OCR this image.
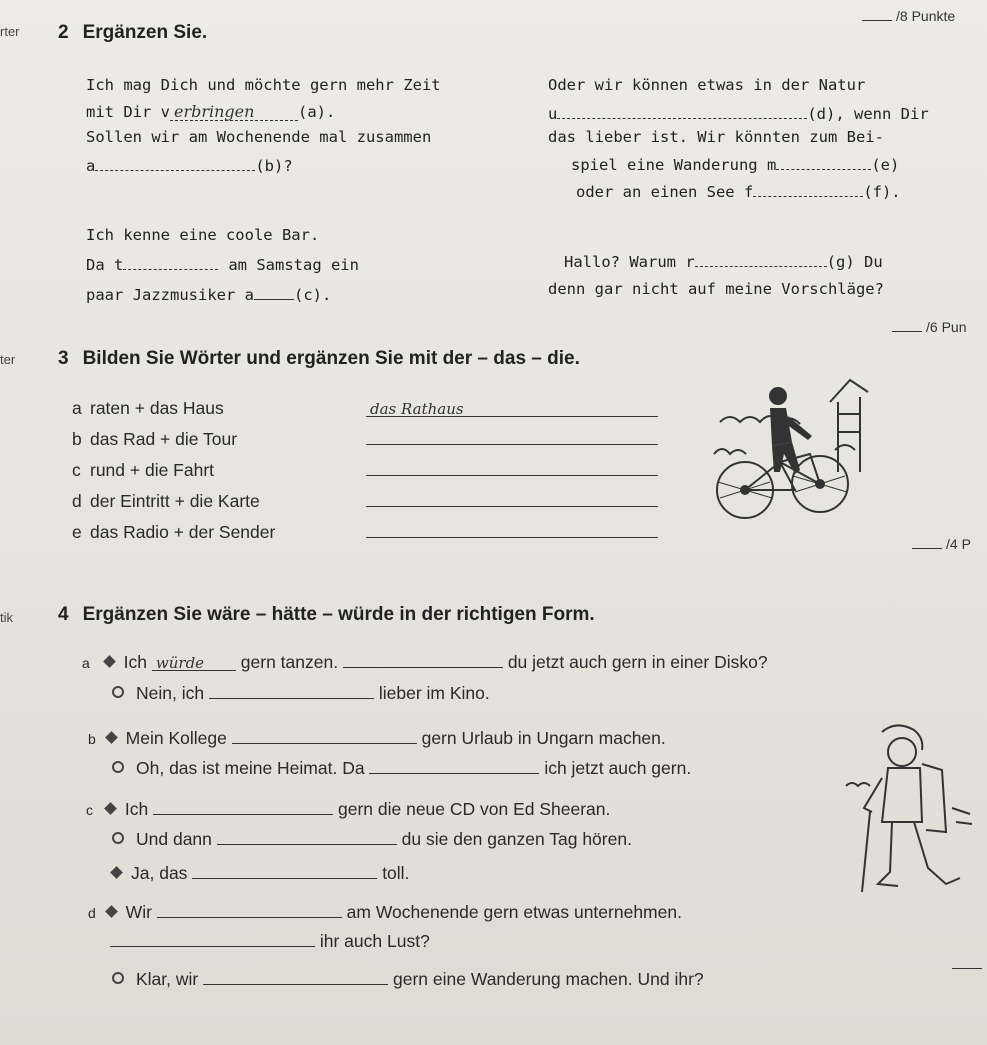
rter 2 Ergänzen Sie.
/8 Punkte
Ich mag Dich und möchte gern mehr Zeit
mit Dir v erbringen	(a).
Sollen wir am Wochenende mal zusammen
a	(b)?
Ich kenne eine coole Bar.
Da t	am Samstag ein
paar Jazzmusiker a	(c).
Oder wir können etwas in der Natur
u	(d), wenn Dir
das lieber ist. Wir könnten zum Bei-
spiel eine Wanderung m	(e)
oder an einen See f	(f).
Hallo? Warum r	(g) Du
denn gar nicht auf meine Vorschläge?
/6 Pun
ter 3 Bilden Sie Wörter und ergänzen Sie mit der – das – die.
a raten + das Haus	das Rathaus
b das Rad + die Tour
c rund + die Fahrt
d der Eintritt + die Karte
e das Radio + der Sender
/4 P
tik 4 Ergänzen Sie wäre – hätte – würde in der richtigen Form.
a Ich würde gern tanzen.	du jetzt auch gern in einer Disko?
Nein, ich	lieber im Kino.
b Mein Kollege	gern Urlaub in Ungarn machen.
Oh, das ist meine Heimat. Da	ich jetzt auch gern.
c Ich	gern die neue CD von Ed Sheeran.
Und dann	du sie den ganzen Tag hören.
Ja, das	toll.
d Wir	am Wochenende gern etwas unternehmen.
ihr auch Lust?
Klar, wir	gern eine Wanderung machen. Und ihr?
